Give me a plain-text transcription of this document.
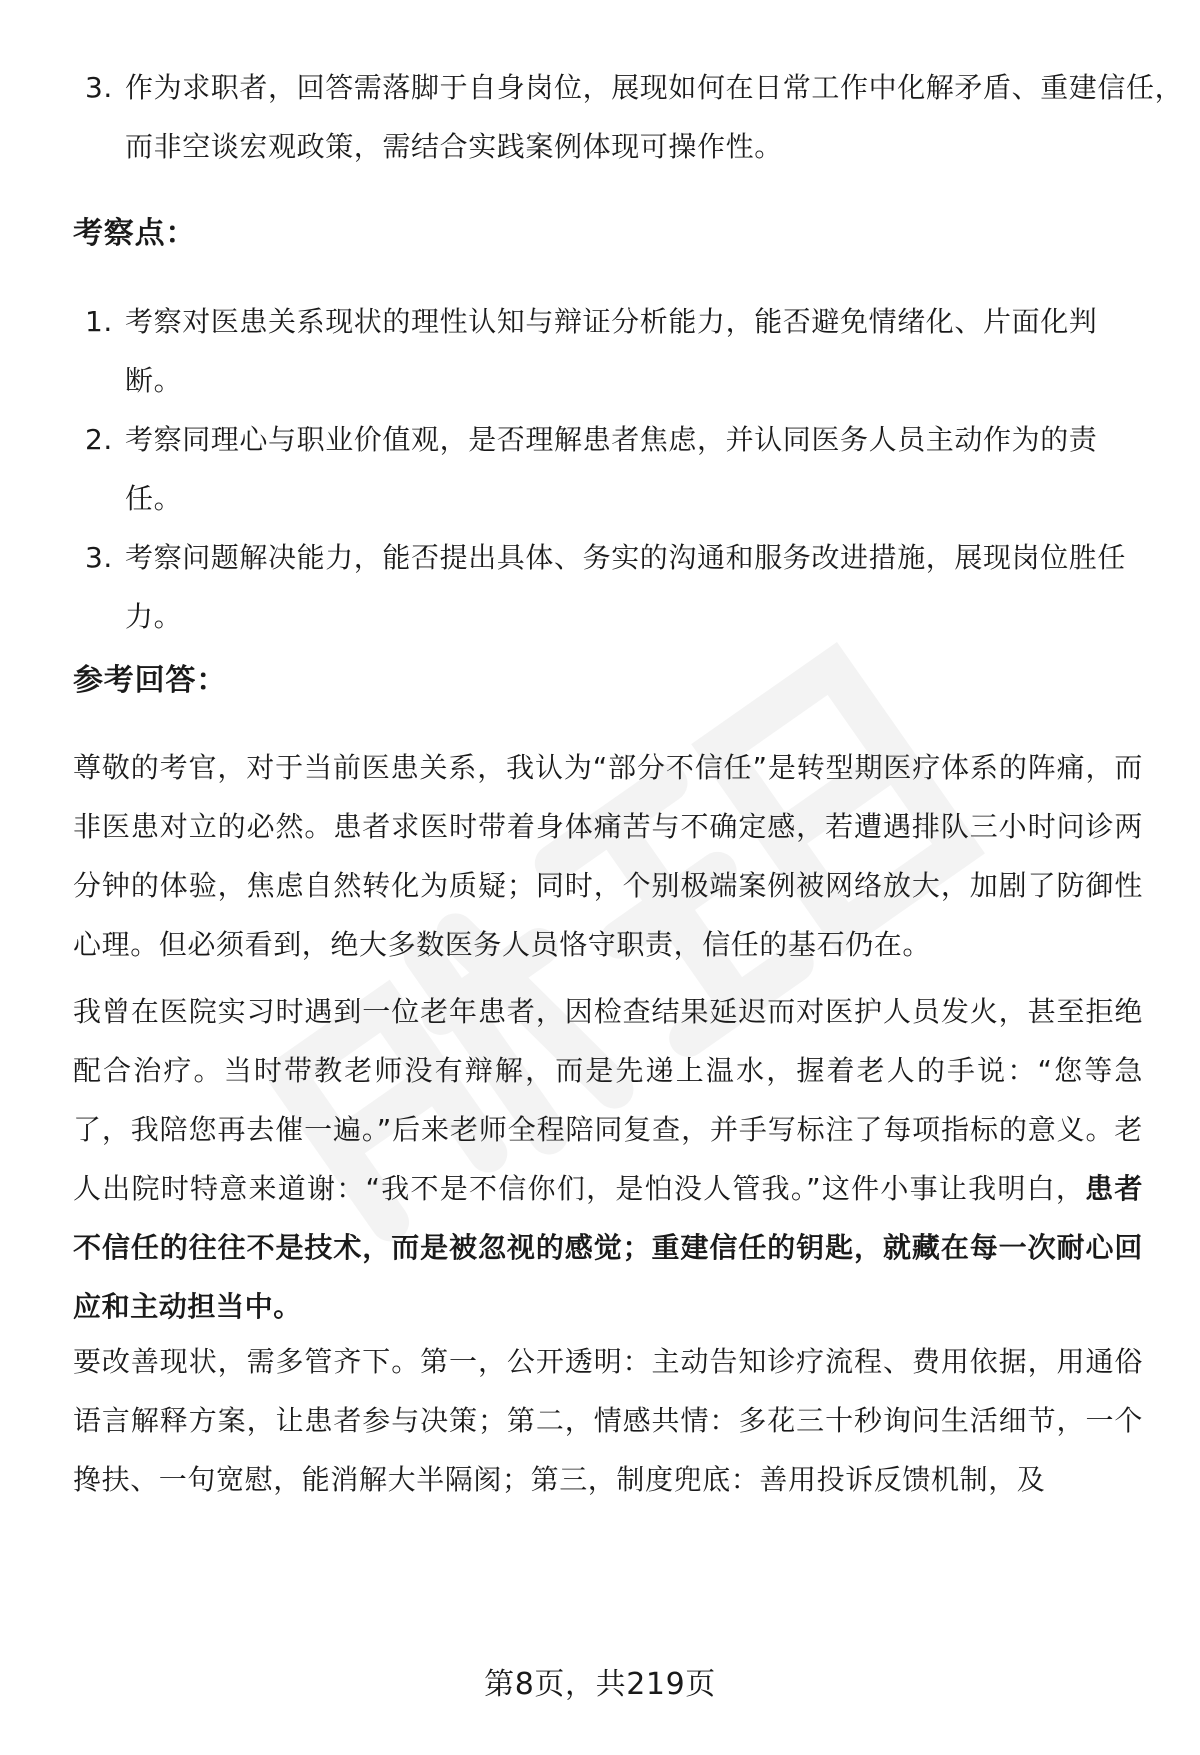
3. 作为求职者，回答需落脚于自身岗位，展现如何在日常工作中化解矛盾、重建信任，而非空谈宏观政策，需结合实践案例体现可操作性。
考察点：
1. 考察对医患关系现状的理性认知与辩证分析能力，能否避免情绪化、片面化判断。
2. 考察同理心与职业价值观，是否理解患者焦虑，并认同医务人员主动作为的责任。
3. 考察问题解决能力，能否提出具体、务实的沟通和服务改进措施，展现岗位胜任力。
参考回答：
尊敬的考官，对于当前医患关系，我认为“部分不信任”是转型期医疗体系的阵痛，而非医患对立的必然。患者求医时带着身体痛苦与不确定感，若遭遇排队三小时问诊两分钟的体验，焦虑自然转化为质疑；同时，个别极端案例被网络放大，加剧了防御性心理。但必须看到，绝大多数医务人员恪守职责，信任的基石仍在。
我曾在医院实习时遇到一位老年患者，因检查结果延迟而对医护人员发火，甚至拒绝配合治疗。当时带教老师没有辩解，而是先递上温水，握着老人的手说：“您等急了，我陪您再去催一遍。”后来老师全程陪同复查，并手写标注了每项指标的意义。老人出院时特意来道谢：“我不是不信你们，是怕没人管我。”这件小事让我明白，患者不信任的往往不是技术，而是被忽视的感觉；重建信任的钥匙，就藏在每一次耐心回应和主动担当中。
要改善现状，需多管齐下。第一，公开透明：主动告知诊疗流程、费用依据，用通俗语言解释方案，让患者参与决策；第二，情感共情：多花三十秒询问生活细节，一个搀扶、一句宽慰，能消解大半隔阂；第三，制度兜底：善用投诉反馈机制，及
第8页，共219页
